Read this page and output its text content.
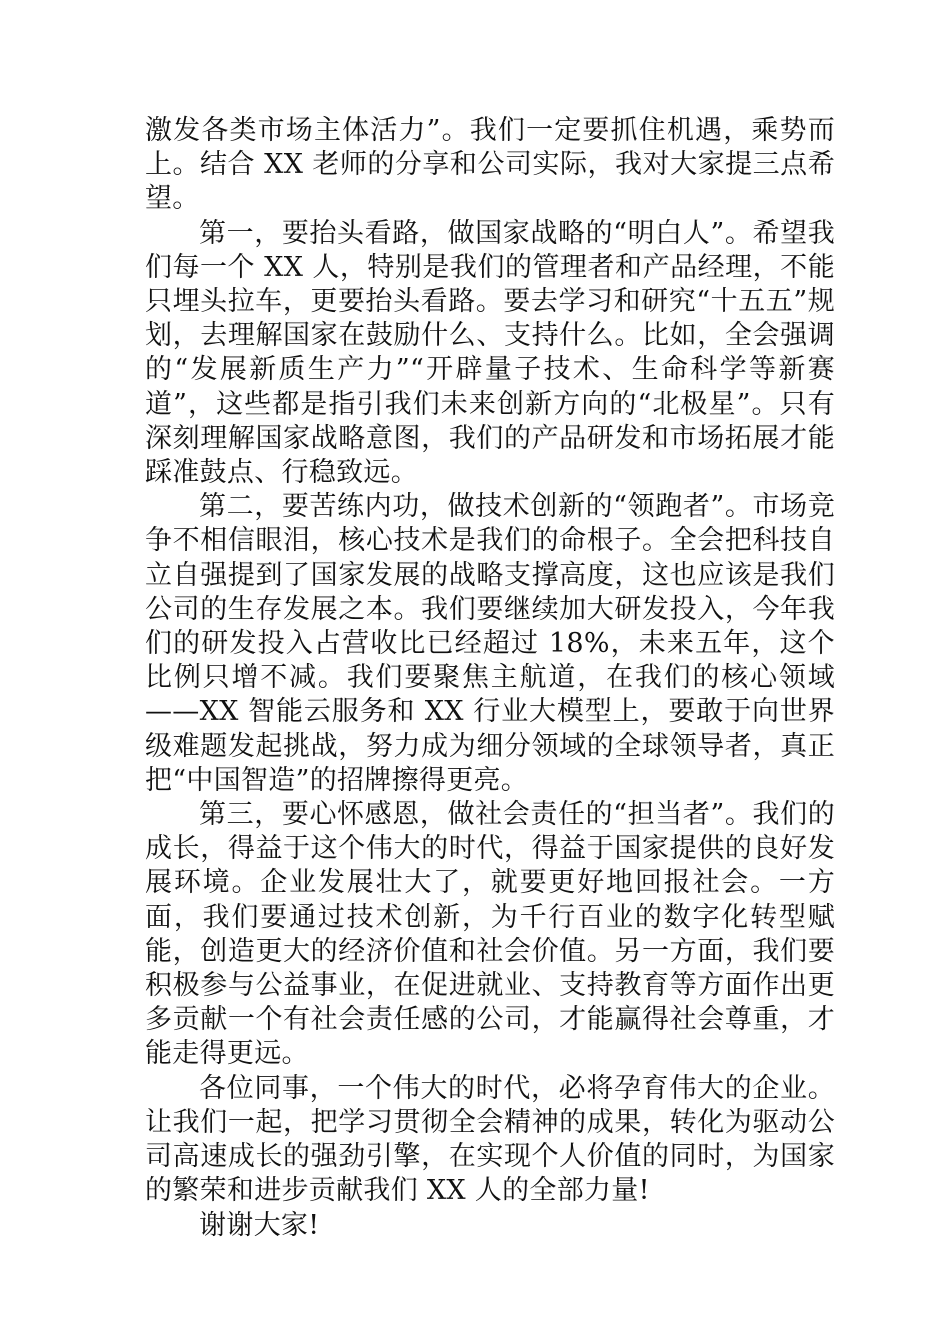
激发各类市场主体活力”。我们一定要抓住机遇，乘势而上。结合 XX 老师的分享和公司实际，我对大家提三点希望。

第一，要抬头看路，做国家战略的“明白人”。希望我们每一个 XX 人，特别是我们的管理者和产品经理，不能只埋头拉车，更要抬头看路。要去学习和研究“十五五”规划，去理解国家在鼓励什么、支持什么。比如，全会强调的“发展新质生产力”“开辟量子技术、生命科学等新赛道”，这些都是指引我们未来创新方向的“北极星”。只有深刻理解国家战略意图，我们的产品研发和市场拓展才能踩准鼓点、行稳致远。

第二，要苦练内功，做技术创新的“领跑者”。市场竞争不相信眼泪，核心技术是我们的命根子。全会把科技自立自强提到了国家发展的战略支撑高度，这也应该是我们公司的生存发展之本。我们要继续加大研发投入，今年我们的研发投入占营收比已经超过 18%，未来五年，这个比例只增不减。我们要聚焦主航道，在我们的核心领域——XX 智能云服务和 XX 行业大模型上，要敢于向世界级难题发起挑战，努力成为细分领域的全球领导者，真正把“中国智造”的招牌擦得更亮。

第三，要心怀感恩，做社会责任的“担当者”。我们的成长，得益于这个伟大的时代，得益于国家提供的良好发展环境。企业发展壮大了，就要更好地回报社会。一方面，我们要通过技术创新，为千行百业的数字化转型赋能，创造更大的经济价值和社会价值。另一方面，我们要积极参与公益事业，在促进就业、支持教育等方面作出更多贡献一个有社会责任感的公司，才能赢得社会尊重，才能走得更远。

各位同事，一个伟大的时代，必将孕育伟大的企业。让我们一起，把学习贯彻全会精神的成果，转化为驱动公司高速成长的强劲引擎，在实现个人价值的同时，为国家的繁荣和进步贡献我们 XX 人的全部力量!

谢谢大家!
